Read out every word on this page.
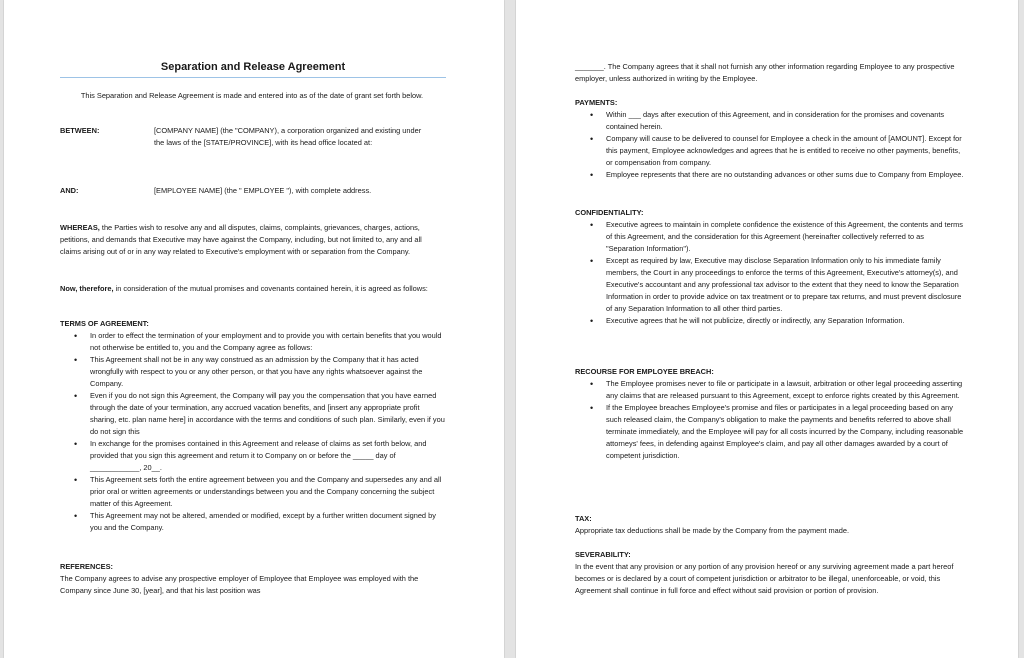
Separation and Release Agreement

This Separation and Release Agreement is made and entered into as of the date of grant set forth below.

BETWEEN:	[COMPANY NAME] (the "COMPANY), a corporation organized and existing under the laws of the [STATE/PROVINCE], with its head office located at:

AND:	[EMPLOYEE NAME] (the " EMPLOYEE "), with complete address.

WHEREAS, the Parties wish to resolve any and all disputes, claims, complaints, grievances, charges, actions, petitions, and demands that Executive may have against the Company, including, but not limited to, any and all claims arising out of or in any way related to Executive's employment with or separation from the Company.

Now, therefore, in consideration of the mutual promises and covenants contained herein, it is agreed as follows:

TERMS OF AGREEMENT:

• In order to effect the termination of your employment and to provide you with certain benefits that you would not otherwise be entitled to, you and the Company agree as follows:
• This Agreement shall not be in any way construed as an admission by the Company that it has acted wrongfully with respect to you or any other person, or that you have any rights whatsoever against the Company.
• Even if you do not sign this Agreement, the Company will pay you the compensation that you have earned through the date of your termination, any accrued vacation benefits, and [insert any appropriate profit sharing, etc. plan name here] in accordance with the terms and conditions of such plan. Similarly, even if you do not sign this
• In exchange for the promises contained in this Agreement and release of claims as set forth below, and provided that you sign this agreement and return it to Company on or before the _____ day of ____________, 20__.
• This Agreement sets forth the entire agreement between you and the Company and supersedes any and all prior oral or written agreements or understandings between you and the Company concerning the subject matter of this Agreement.
• This Agreement may not be altered, amended or modified, except by a further written document signed by you and the Company.

REFERENCES:

The Company agrees to advise any prospective employer of Employee that Employee was employed with the Company since June 30, [year], and that his last position was

_______. The Company agrees that it shall not furnish any other information regarding Employee to any prospective employer, unless authorized in writing by the Employee.

PAYMENTS:

• Within ___ days after execution of this Agreement, and in consideration for the promises and covenants contained herein.
• Company will cause to be delivered to counsel for Employee a check in the amount of [AMOUNT]. Except for this payment, Employee acknowledges and agrees that he is entitled to receive no other payments, benefits, or compensation from company.
• Employee represents that there are no outstanding advances or other sums due to Company from Employee.

CONFIDENTIALITY:

• Executive agrees to maintain in complete confidence the existence of this Agreement, the contents and terms of this Agreement, and the consideration for this Agreement (hereinafter collectively referred to as "Separation Information").
• Except as required by law, Executive may disclose Separation Information only to his immediate family members, the Court in any proceedings to enforce the terms of this Agreement, Executive's attorney(s), and Executive's accountant and any professional tax advisor to the extent that they need to know the Separation Information in order to provide advice on tax treatment or to prepare tax returns, and must prevent disclosure of any Separation Information to all other third parties.
• Executive agrees that he will not publicize, directly or indirectly, any Separation Information.

RECOURSE FOR EMPLOYEE BREACH:

• The Employee promises never to file or participate in a lawsuit, arbitration or other legal proceeding asserting any claims that are released pursuant to this Agreement, except to enforce rights created by this Agreement.
• If the Employee breaches Employee's promise and files or participates in a legal proceeding based on any such released claim, the Company's obligation to make the payments and benefits referred to above shall terminate immediately, and the Employee will pay for all costs incurred by the Company, including reasonable attorneys' fees, in defending against Employee's claim, and pay all other damages awarded by a court of competent jurisdiction.

TAX:

Appropriate tax deductions shall be made by the Company from the payment made.

SEVERABILITY:

In the event that any provision or any portion of any provision hereof or any surviving agreement made a part hereof becomes or is declared by a court of competent jurisdiction or arbitrator to be illegal, unenforceable, or void, this Agreement shall continue in full force and effect without said provision or portion of provision.
